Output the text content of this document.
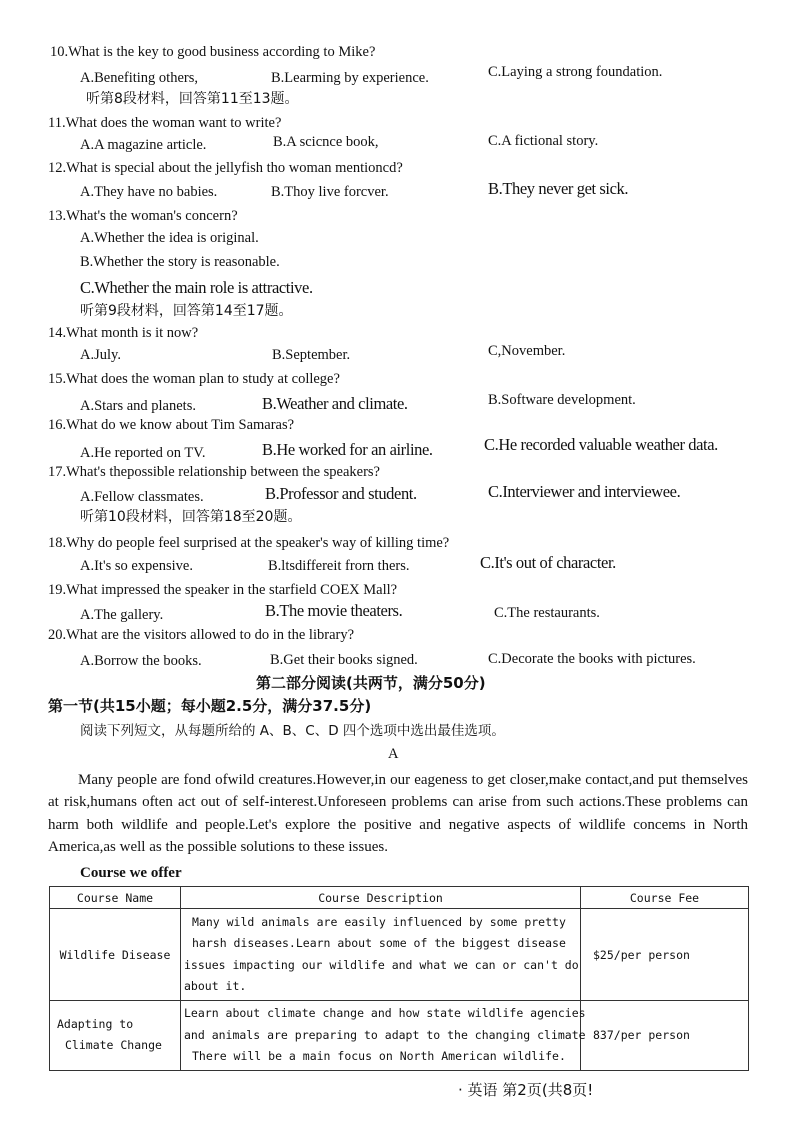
10.What is the key to good business according to Mike?
A.Benefiting others,	B.Learming by experience.	C.Laying a strong foundation.
听第8段材料，回答第11至13题。
11.What does the woman want to write?
A.A magazine article.	B.A scicnce book,	C.A fictional story.
12.What is special about the jellyfish tho woman mentioncd?
A.They have no babies.	B.Thoy live forcver.	B.They never get sick.
13.What's the woman's concern?
A.Whether the idea is original.
B.Whether the story is reasonable.
C.Whether the main role is attractive.
听第9段材料，回答第14至17题。
14.What month is it now?
A.July.	B.September.	C,November.
15.What does the woman plan to study at college?
A.Stars and planets.	B.Weather and climate.	B.Software development.
16.What do we know about Tim Samaras?
A.He reported on TV.	B.He worked for an airline.	C.He recorded valuable weather data.
17.What's thepossible relationship between the speakers?
A.Fellow classmates.	B.Professor and student.	C.Interviewer and interviewee.
听第10段材料，回答第18至20题。
18.Why do people feel surprised at the speaker's way of killing time?
A.It's so expensive.	B.ltsdiffereit frorn thers.	C.It's out of character.
19.What impressed the speaker in the starfield COEX Mall?
A.The gallery.	B.The movie theaters.	C.The restaurants.
20.What are the visitors allowed to do in the library?
A.Borrow the books.	B.Get their books signed.	C.Decorate the books with pictures.
第二部分阅读(共两节，满分50分)
第一节(共15小题；每小题2.5分，满分37.5分)
阅读下列短文，从每题所给的 A、B、C、D 四个选项中选出最佳选项。
A
Many people are fond ofwild creatures.However,in our eageness to get closer,make contact,and put themselves at risk,humans often act out of self-interest.Unforeseen problems can arise from such actions.These problems can harm both wildlife and people.Let's explore the positive and negative aspects of wildlife concems in North America,as well as the possible solutions to these issues.
Course we offer
Course Name	Course Description	Course Fee
Wildlife Disease	Many wild animals are easily influenced by some pretty
harsh diseases.Learn about some of the biggest disease
issues impacting our wildlife and what we can or can't do
about it.	$25/per person

Adapting to
Climate Change	Learn about climate change and how state wildlife agencies
and animals are preparing to adapt to the changing climate
There will be a main focus on North American wildlife.	837/per person
· 英语 第2页(共8页!
